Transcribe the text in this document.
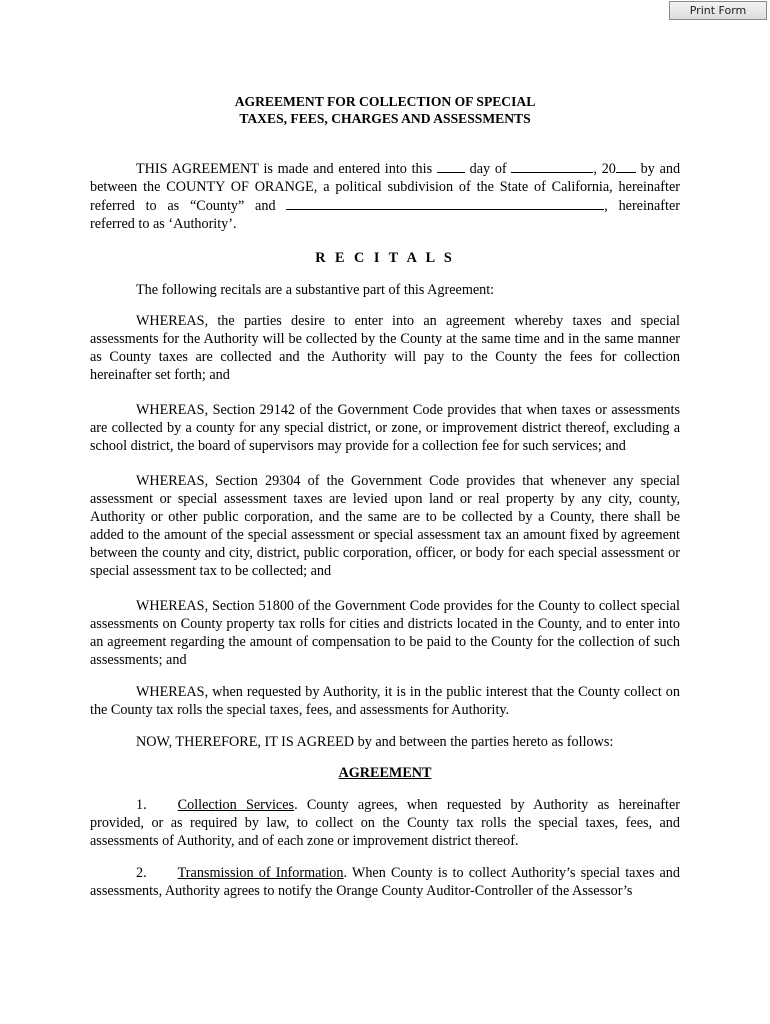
Print Form
AGREEMENT FOR COLLECTION OF SPECIAL
TAXES, FEES, CHARGES AND ASSESSMENTS

THIS AGREEMENT is made and entered into this	day of	, 20 by and between the COUNTY OF ORANGE, a political subdivision of the State of California, hereinafter referred to as “County” and	, hereinafter referred to as ‘Authority’.

R E C I T A L S

The following recitals are a substantive part of this Agreement:

WHEREAS, the parties desire to enter into an agreement whereby taxes and special assessments for the Authority will be collected by the County at the same time and in the same manner as County taxes are collected and the Authority will pay to the County the fees for collection hereinafter set forth; and

WHEREAS, Section 29142 of the Government Code provides that when taxes or assessments are collected by a county for any special district, or zone, or improvement district thereof, excluding a school district, the board of supervisors may provide for a collection fee for such services; and

WHEREAS, Section 29304 of the Government Code provides that whenever any special assessment or special assessment taxes are levied upon land or real property by any city, county, Authority or other public corporation, and the same are to be collected by a County, there shall be added to the amount of the special assessment or special assessment tax an amount fixed by agreement between the county and city, district, public corporation, officer, or body for each special assessment or special assessment tax to be collected; and

WHEREAS, Section 51800 of the Government Code provides for the County to collect special assessments on County property tax rolls for cities and districts located in the County, and to enter into an agreement regarding the amount of compensation to be paid to the County for the collection of such assessments; and

WHEREAS, when requested by Authority, it is in the public interest that the County collect on the County tax rolls the special taxes, fees, and assessments for Authority.

NOW, THEREFORE, IT IS AGREED by and between the parties hereto as follows:

AGREEMENT

1. Collection Services. County agrees, when requested by Authority as hereinafter provided, or as required by law, to collect on the County tax rolls the special taxes, fees, and assessments of Authority, and of each zone or improvement district thereof.

2. Transmission of Information. When County is to collect Authority’s special taxes and assessments, Authority agrees to notify the Orange County Auditor-Controller of the Assessor’s
